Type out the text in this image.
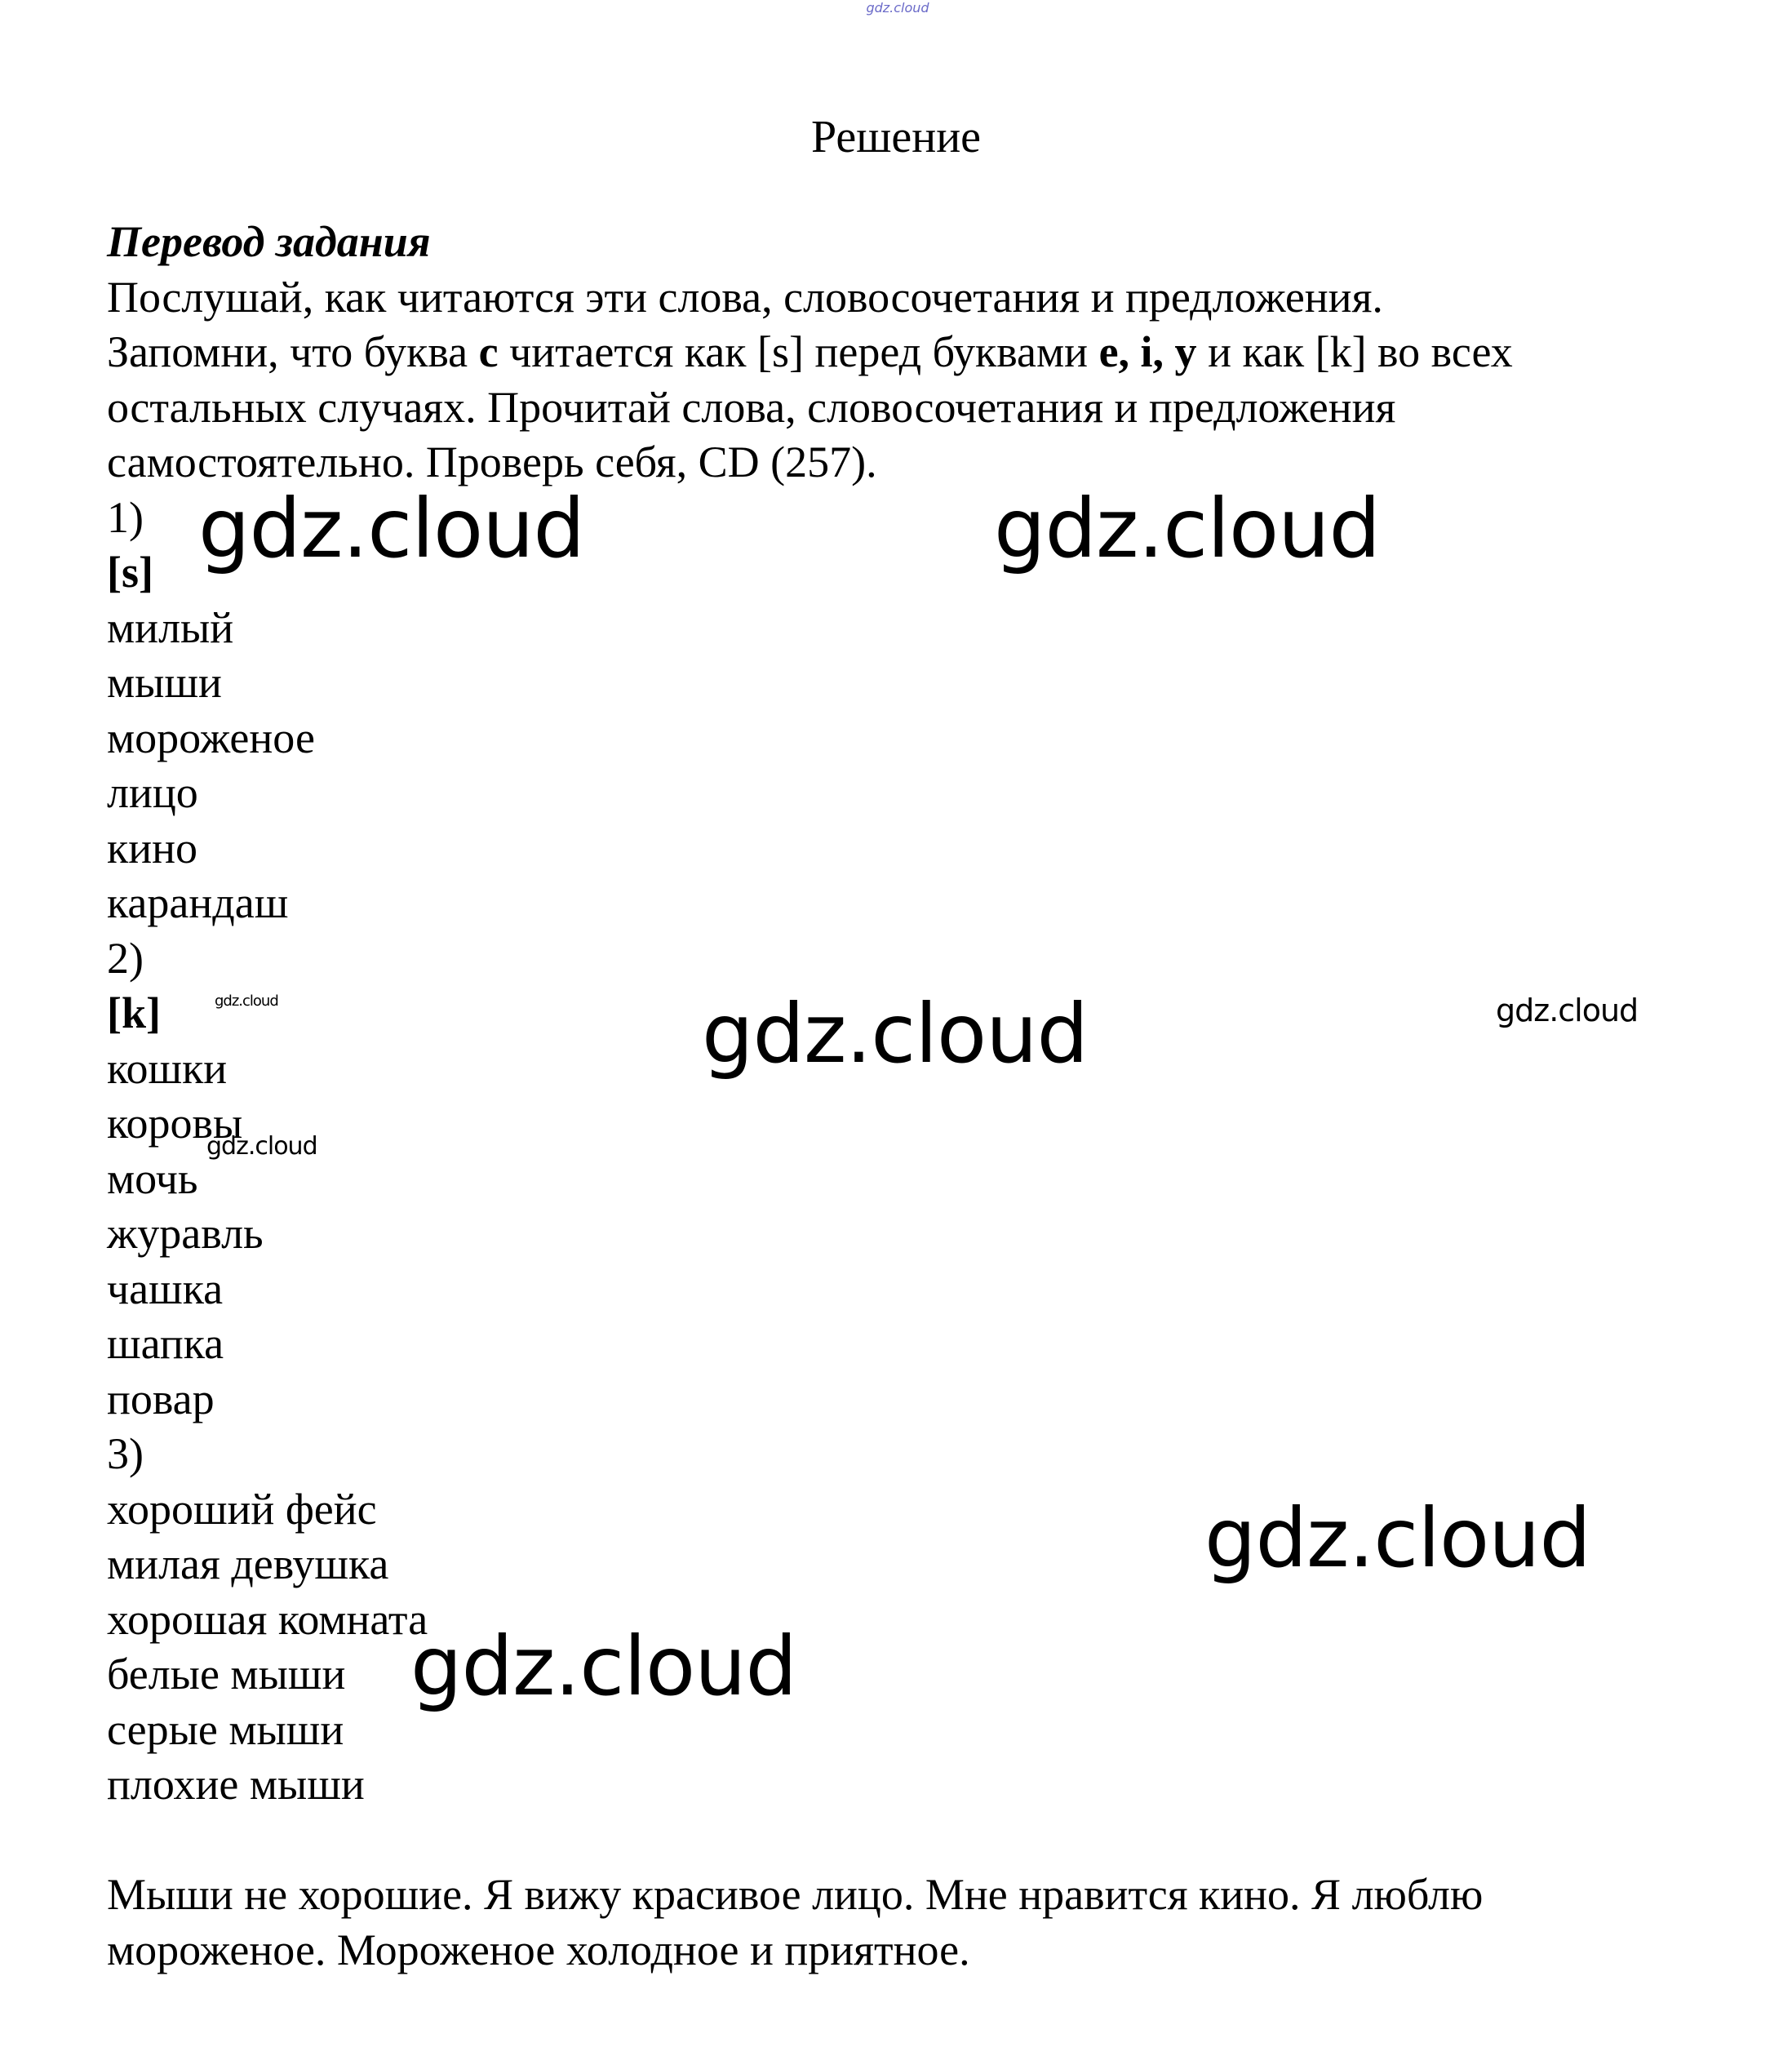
gdz.cloud
Решение
Перевод задания
Послушай, как читаются эти слова, словосочетания и предложения.
Запомни, что буква с читается как [s] перед буквами e, i, y и как [k] во всех
остальных случаях. Прочитай слова, словосочетания и предложения
самостоятельно. Проверь себя, CD (257).
1)
[s]
милый
мыши
мороженое
лицо
кино
карандаш
2)
[k]
кошки
коровы
мочь
журавль
чашка
шапка
повар
3)
хороший фейс
милая девушка
хорошая комната
белые мыши
серые мыши
плохие мыши
Мыши не хорошие. Я вижу красивое лицо. Мне нравится кино. Я люблю
мороженое. Мороженое холодное и приятное.
gdz.cloud	gdz.cloud
gdz.cloud
gdz.cloud
gdz.cloud
gdz.cloud
gdz.cloud
gdz.cloud
